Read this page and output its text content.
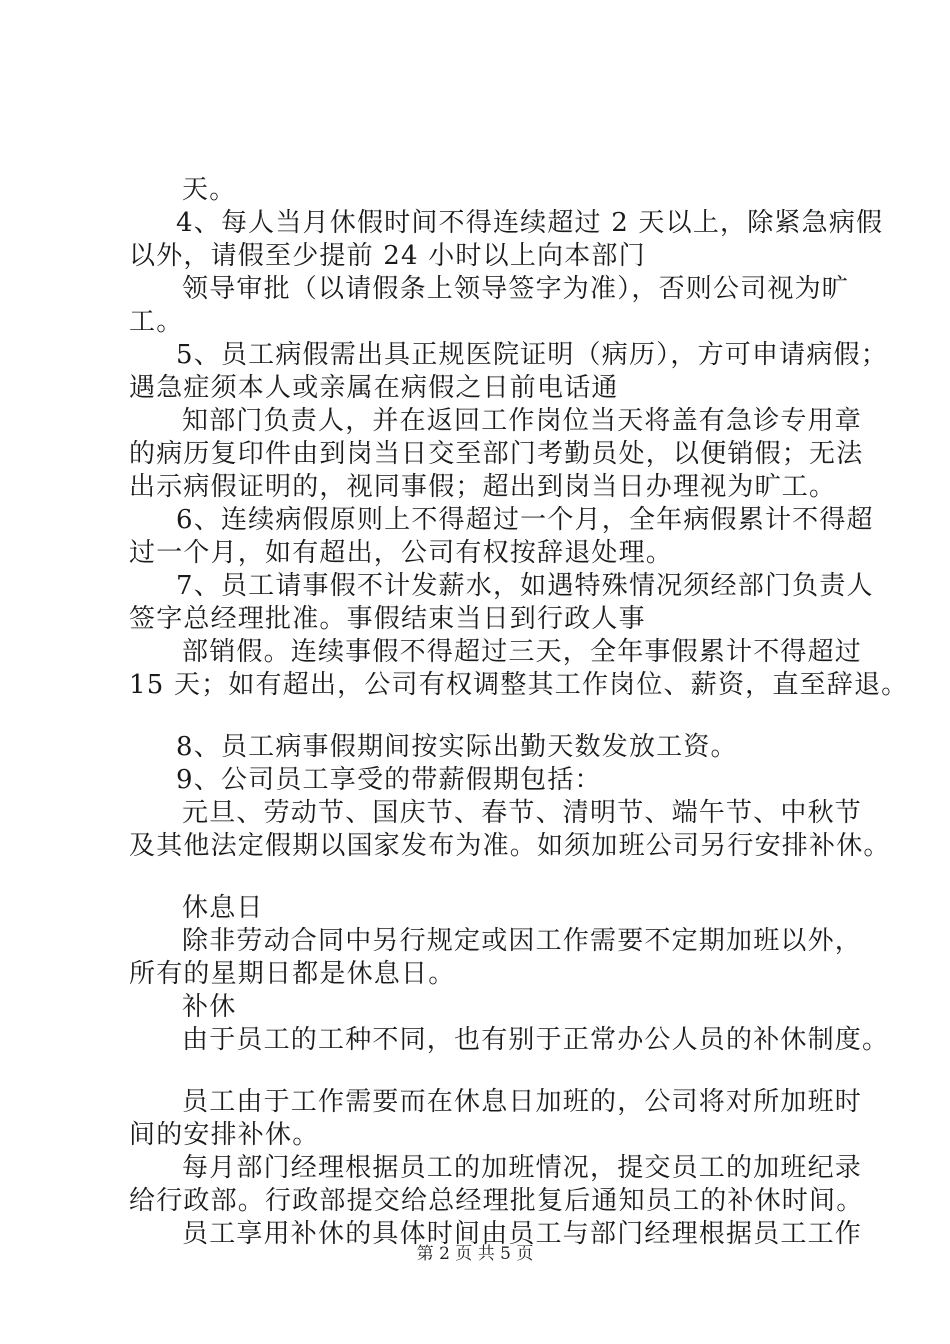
天。
4、每人当月休假时间不得连续超过 2 天以上，除紧急病假
以外，请假至少提前 24 小时以上向本部门
领导审批（以请假条上领导签字为准），否则公司视为旷
工。
5、员工病假需出具正规医院证明（病历），方可申请病假；
遇急症须本人或亲属在病假之日前电话通
知部门负责人，并在返回工作岗位当天将盖有急诊专用章
的病历复印件由到岗当日交至部门考勤员处，以便销假；无法
出示病假证明的，视同事假；超出到岗当日办理视为旷工。
6、连续病假原则上不得超过一个月，全年病假累计不得超
过一个月，如有超出，公司有权按辞退处理。
7、员工请事假不计发薪水，如遇特殊情况须经部门负责人
签字总经理批准。事假结束当日到行政人事
部销假。连续事假不得超过三天，全年事假累计不得超过
15 天；如有超出，公司有权调整其工作岗位、薪资，直至辞退。
8、员工病事假期间按实际出勤天数发放工资。
9、公司员工享受的带薪假期包括：
元旦、劳动节、国庆节、春节、清明节、端午节、中秋节
及其他法定假期以国家发布为准。如须加班公司另行安排补休。
休息日
除非劳动合同中另行规定或因工作需要不定期加班以外，
所有的星期日都是休息日。
补休
由于员工的工种不同，也有别于正常办公人员的补休制度。
员工由于工作需要而在休息日加班的，公司将对所加班时
间的安排补休。
每月部门经理根据员工的加班情况，提交员工的加班纪录
给行政部。行政部提交给总经理批复后通知员工的补休时间。
员工享用补休的具体时间由员工与部门经理根据员工工作
第 2 页 共 5 页
